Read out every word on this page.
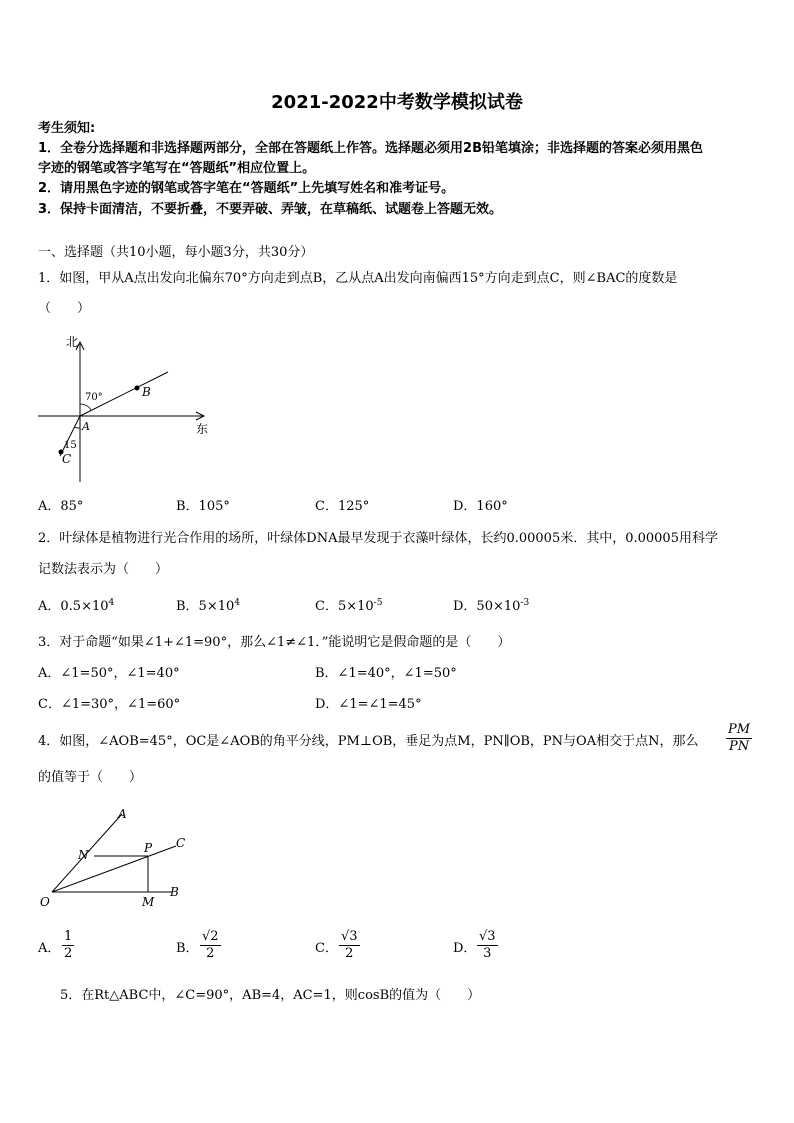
2021-2022中考数学模拟试卷
考生须知:
1．全卷分选择题和非选择题两部分，全部在答题纸上作答。选择题必须用2B铅笔填涂；非选择题的答案必须用黑色
字迹的钢笔或答字笔写在“答题纸”相应位置上。
2．请用黑色字迹的钢笔或答字笔在“答题纸”上先填写姓名和准考证号。
3．保持卡面清洁，不要折叠，不要弄破、弄皱，在草稿纸、试题卷上答题无效。
一、选择题（共10小题，每小题3分，共30分）
1．如图，甲从A点出发向北偏东70°方向走到点B，乙从点A出发向南偏西15°方向走到点C，则∠BAC的度数是
（　　）
北
东
70°
15
A
B
C
A．85°	B．105°	C．125°	D．160°
2．叶绿体是植物进行光合作用的场所，叶绿体DNA最早发现于衣藻叶绿体，长约0.00005米．其中，0.00005用科学
记数法表示为（　　）
A．$0.5\times 10^4$	B．$5\times 10^4$	C．$5\times 10^{-5}$	D．$50\times 10^{-3}$
3．对于命题“如果∠1+∠1=90°，那么∠1≠∠1．”能说明它是假命题的是（　　）
A．∠1=50°，∠1=40°	B．∠1=40°，∠1=50°
C．∠1=30°，∠1=60°	D．∠1=∠1=45°
4．如图，∠AOB=45°，OC是∠AOB的角平分线，PM⊥OB，垂足为点M，PN∥OB，PN与OA相交于点N，那么 $\frac{PM}{PN}$
的值等于（　　）
A
C
N	P
O	M
B
A． $\frac{1}{2}$	B． $\frac{√2}{2}$	C． $\frac{√3}{2}$	D． $\frac{√3}{3}$
5．在Rt△ABC中，∠C=90°，AB=4，AC=1，则cosB的值为（　　）
